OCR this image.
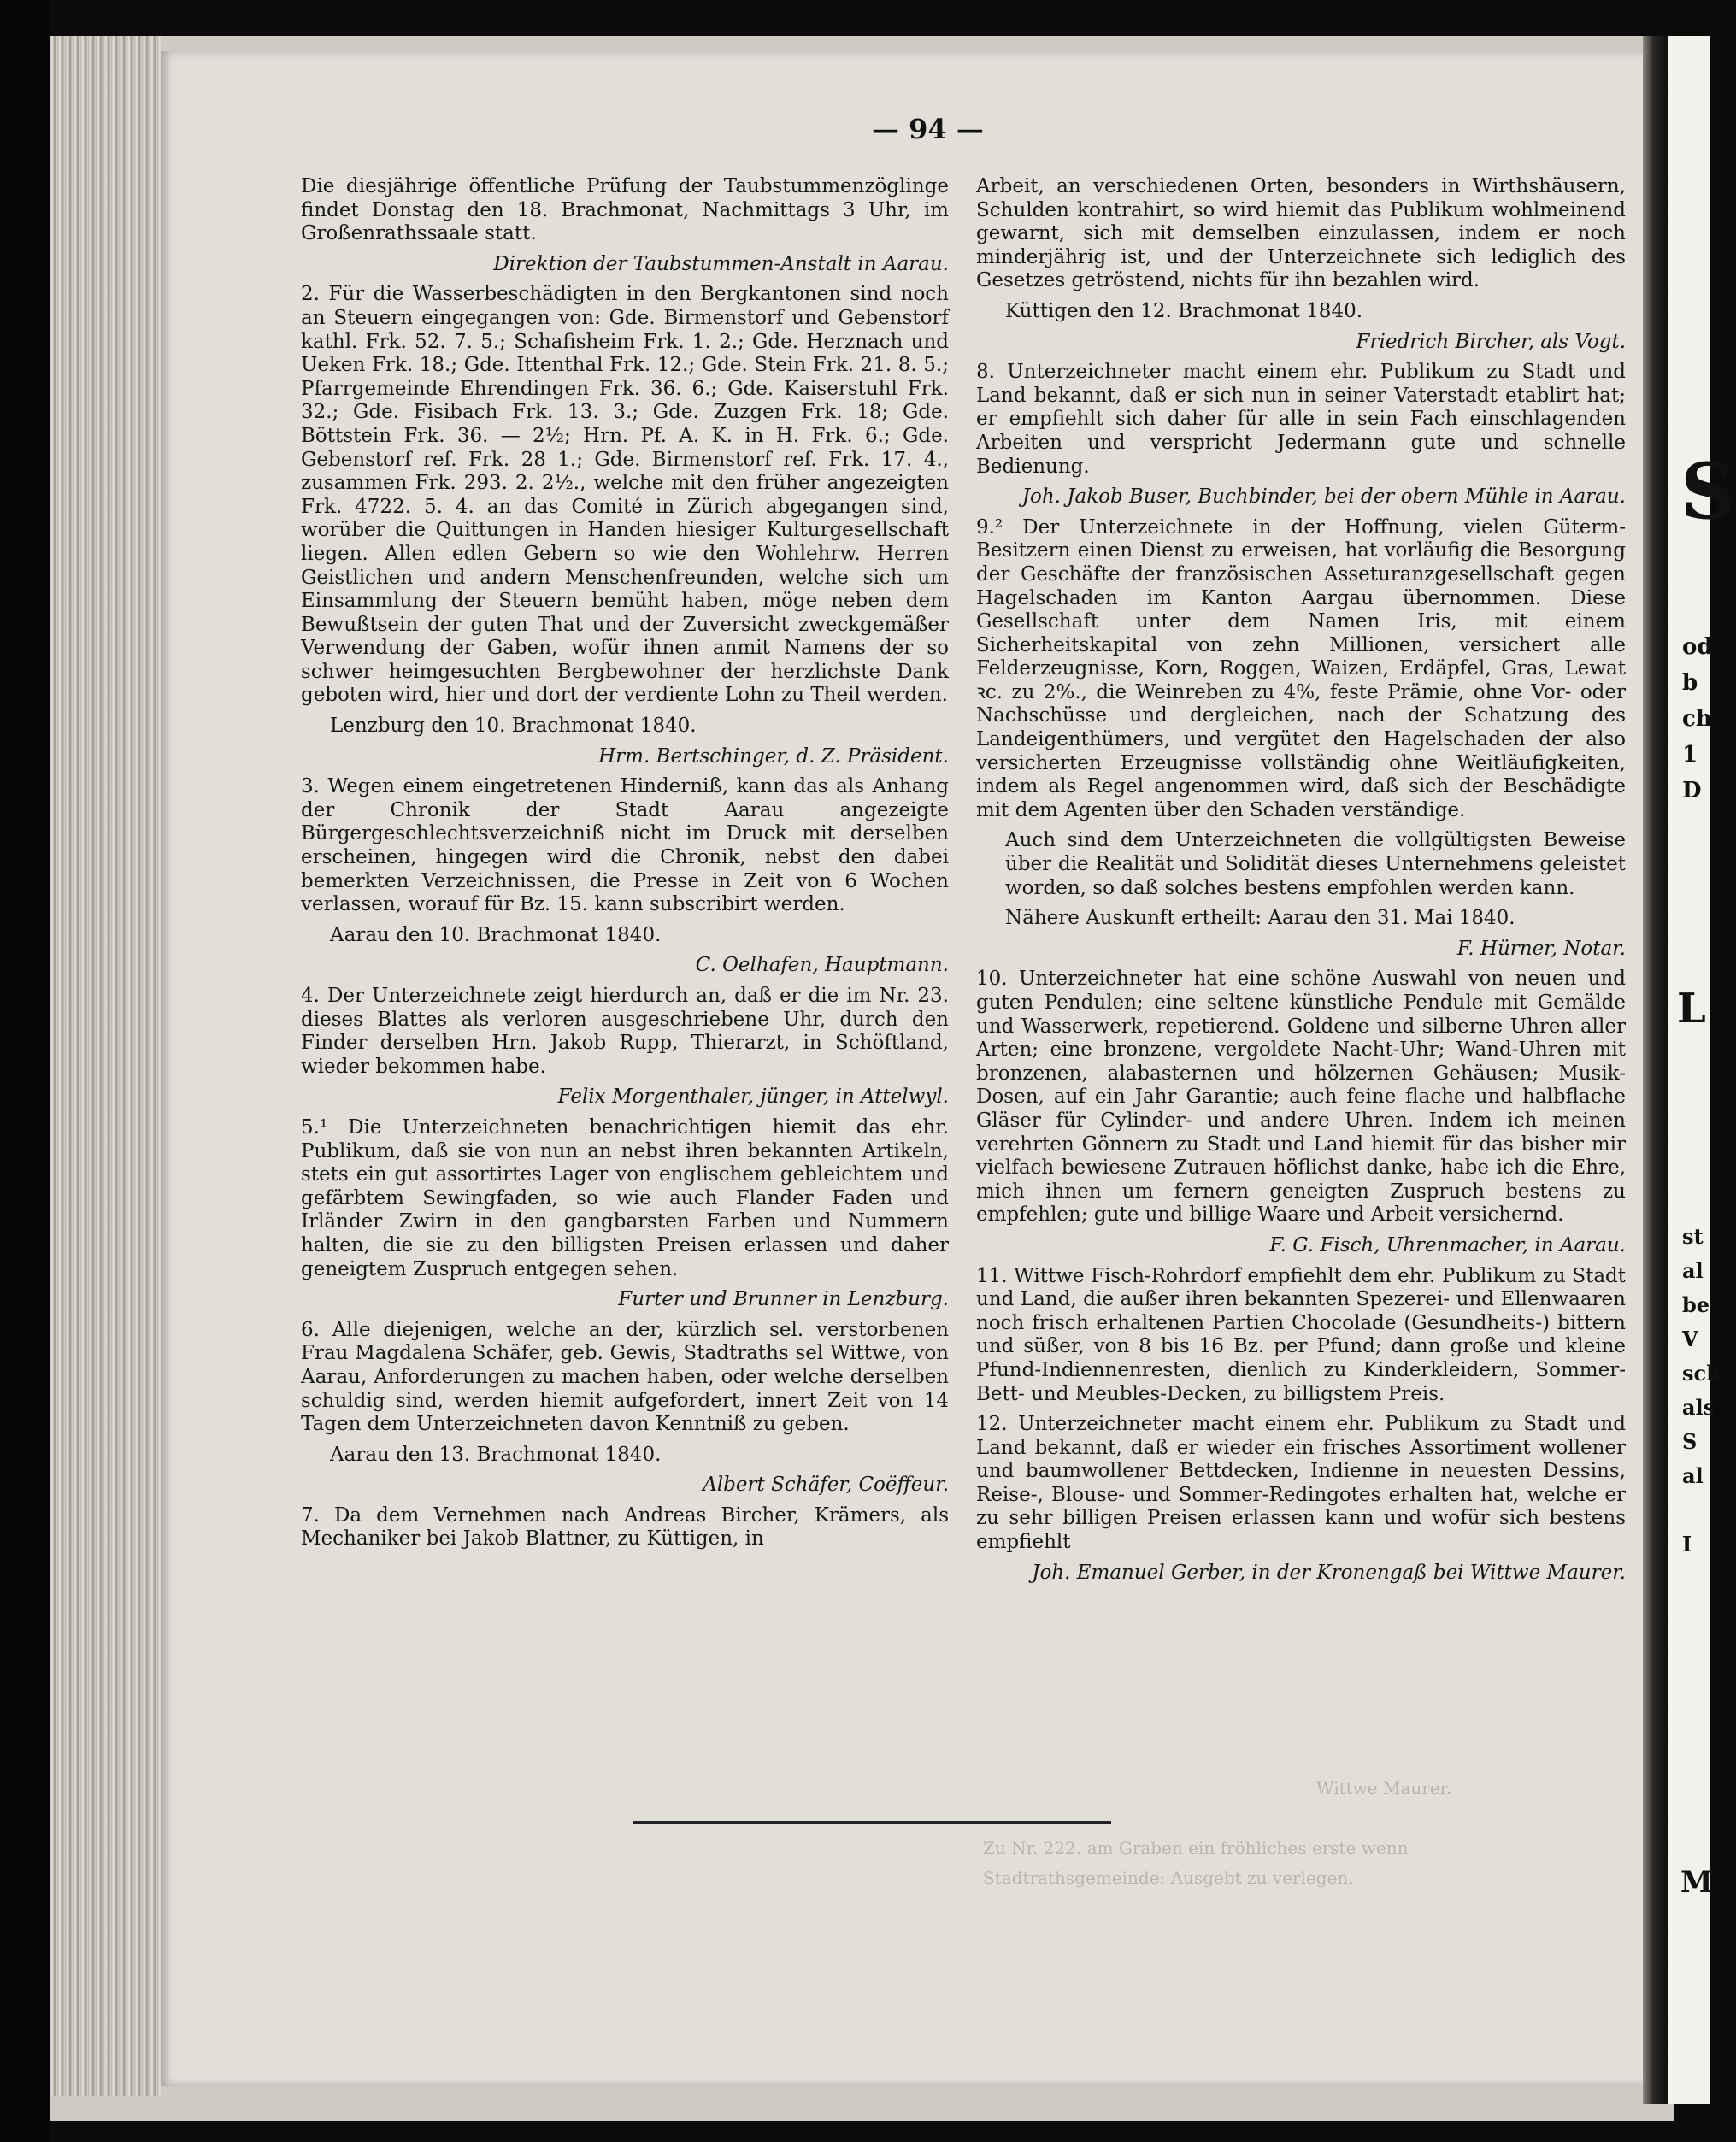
S
od
b
ch
1
D
L
st
al
be
V
sch
als
S
al
I
M
— 94 —

Die diesjährige öffentliche Prüfung der Taubstummenzöglinge findet Donstag den 18. Brachmonat, Nachmittags 3 Uhr, im Großenrathssaale statt.

Direktion der Taubstummen-Anstalt in Aarau.

2. Für die Wasserbeschädigten in den Bergkantonen sind noch an Steuern eingegangen von: Gde. Birmenstorf und Gebenstorf kathl. Frk. 52. 7. 5.; Schafisheim Frk. 1. 2.; Gde. Herznach und Ueken Frk. 18.; Gde. Ittenthal Frk. 12.; Gde. Stein Frk. 21. 8. 5.; Pfarrgemeinde Ehrendingen Frk. 36. 6.; Gde. Kaiserstuhl Frk. 32.; Gde. Fisibach Frk. 13. 3.; Gde. Zuzgen Frk. 18; Gde. Böttstein Frk. 36. — 2½; Hrn. Pf. A. K. in H. Frk. 6.; Gde. Gebenstorf ref. Frk. 28 1.; Gde. Birmenstorf ref. Frk. 17. 4., zusammen Frk. 293. 2. 2½., welche mit den früher angezeigten Frk. 4722. 5. 4. an das Comité in Zürich abgegangen sind, worüber die Quittungen in Handen hiesiger Kulturgesellschaft liegen. Allen edlen Gebern so wie den Wohlehrw. Herren Geistlichen und andern Menschenfreunden, welche sich um Einsammlung der Steuern bemüht haben, möge neben dem Bewußtsein der guten That und der Zuversicht zweckgemäßer Verwendung der Gaben, wofür ihnen anmit Namens der so schwer heimgesuchten Bergbewohner der herzlichste Dank geboten wird, hier und dort der verdiente Lohn zu Theil werden.

Lenzburg den 10. Brachmonat 1840.

Hrm. Bertschinger, d. Z. Präsident.

3. Wegen einem eingetretenen Hinderniß, kann das als Anhang der Chronik der Stadt Aarau angezeigte Bürgergeschlechtsverzeichniß nicht im Druck mit derselben erscheinen, hingegen wird die Chronik, nebst den dabei bemerkten Verzeichnissen, die Presse in Zeit von 6 Wochen verlassen, worauf für Bz. 15. kann subscribirt werden.

Aarau den 10. Brachmonat 1840.

C. Oelhafen, Hauptmann.

4. Der Unterzeichnete zeigt hierdurch an, daß er die im Nr. 23. dieses Blattes als verloren ausgeschriebene Uhr, durch den Finder derselben Hrn. Jakob Rupp, Thierarzt, in Schöftland, wieder bekommen habe.

Felix Morgenthaler, jünger, in Attelwyl.

5.¹ Die Unterzeichneten benachrichtigen hiemit das ehr. Publikum, daß sie von nun an nebst ihren bekannten Artikeln, stets ein gut assortirtes Lager von englischem gebleichtem und gefärbtem Sewingfaden, so wie auch Flander Faden und Irländer Zwirn in den gangbarsten Farben und Nummern halten, die sie zu den billigsten Preisen erlassen und daher geneigtem Zuspruch entgegen sehen.

Furter und Brunner in Lenzburg.

6. Alle diejenigen, welche an der, kürzlich sel. verstorbenen Frau Magdalena Schäfer, geb. Gewis, Stadtraths sel Wittwe, von Aarau, Anforderungen zu machen haben, oder welche derselben schuldig sind, werden hiemit aufgefordert, innert Zeit von 14 Tagen dem Unterzeichneten davon Kenntniß zu geben.

Aarau den 13. Brachmonat 1840.

Albert Schäfer, Coëffeur.

7. Da dem Vernehmen nach Andreas Bircher, Krämers, als Mechaniker bei Jakob Blattner, zu Küttigen, in

Arbeit, an verschiedenen Orten, besonders in Wirthshäusern, Schulden kontrahirt, so wird hiemit das Publikum wohlmeinend gewarnt, sich mit demselben einzulassen, indem er noch minderjährig ist, und der Unterzeichnete sich lediglich des Gesetzes getröstend, nichts für ihn bezahlen wird.

Küttigen den 12. Brachmonat 1840.

Friedrich Bircher, als Vogt.

8. Unterzeichneter macht einem ehr. Publikum zu Stadt und Land bekannt, daß er sich nun in seiner Vaterstadt etablirt hat; er empfiehlt sich daher für alle in sein Fach einschlagenden Arbeiten und verspricht Jedermann gute und schnelle Bedienung.

Joh. Jakob Buser, Buchbinder, bei der obern Mühle in Aarau.

9.² Der Unterzeichnete in der Hoffnung, vielen Güterm-Besitzern einen Dienst zu erweisen, hat vorläufig die Besorgung der Geschäfte der französischen Asseturanzgesellschaft gegen Hagelschaden im Kanton Aargau übernommen. Diese Gesellschaft unter dem Namen Iris, mit einem Sicherheitskapital von zehn Millionen, versichert alle Felderzeugnisse, Korn, Roggen, Waizen, Erdäpfel, Gras, Lewat ꝛc. zu 2%., die Weinreben zu 4%, feste Prämie, ohne Vor- oder Nachschüsse und dergleichen, nach der Schatzung des Landeigenthümers, und vergütet den Hagelschaden der also versicherten Erzeugnisse vollständig ohne Weitläufigkeiten, indem als Regel angenommen wird, daß sich der Beschädigte mit dem Agenten über den Schaden verständige.

Auch sind dem Unterzeichneten die vollgültigsten Beweise über die Realität und Solidität dieses Unternehmens geleistet worden, so daß solches bestens empfohlen werden kann.

Nähere Auskunft ertheilt: Aarau den 31. Mai 1840.

F. Hürner, Notar.

10. Unterzeichneter hat eine schöne Auswahl von neuen und guten Pendulen; eine seltene künstliche Pendule mit Gemälde und Wasserwerk, repetierend. Goldene und silberne Uhren aller Arten; eine bronzene, vergoldete Nacht-Uhr; Wand-Uhren mit bronzenen, alabasternen und hölzernen Gehäusen; Musik-Dosen, auf ein Jahr Garantie; auch feine flache und halbflache Gläser für Cylinder- und andere Uhren. Indem ich meinen verehrten Gönnern zu Stadt und Land hiemit für das bisher mir vielfach bewiesene Zutrauen höflichst danke, habe ich die Ehre, mich ihnen um fernern geneigten Zuspruch bestens zu empfehlen; gute und billige Waare und Arbeit versichernd.

F. G. Fisch, Uhrenmacher, in Aarau.

11. Wittwe Fisch-Rohrdorf empfiehlt dem ehr. Publikum zu Stadt und Land, die außer ihren bekannten Spezerei- und Ellenwaaren noch frisch erhaltenen Partien Chocolade (Gesundheits-) bittern und süßer, von 8 bis 16 Bz. per Pfund; dann große und kleine Pfund-Indiennenresten, dienlich zu Kinderkleidern, Sommer-Bett- und Meubles-Decken, zu billigstem Preis.

12. Unterzeichneter macht einem ehr. Publikum zu Stadt und Land bekannt, daß er wieder ein frisches Assortiment wollener und baumwollener Bettdecken, Indienne in neuesten Dessins, Reise-, Blouse- und Sommer-Redingotes erhalten hat, welche er zu sehr billigen Preisen erlassen kann und wofür sich bestens empfiehlt

Joh. Emanuel Gerber, in der Kronengaß bei Wittwe Maurer.

Wittwe Maurer.
Zu Nr. 222. am Graben ein fröhliches erste wenn
Stadtrathsgemeinde: Ausgebt zu verlegen.
